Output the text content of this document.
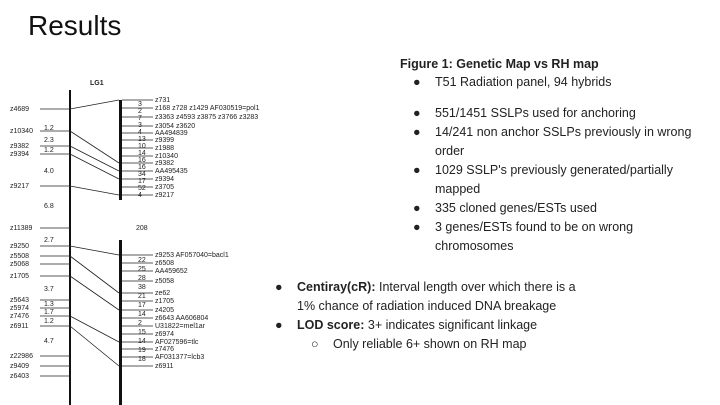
Results
LG1
208
z4689
z10340
z9382
z9394
z9217
z11389
z9250
z5508
z5068
z1705
z5643
z5974
z7476
z6911
z22986
z9409
z6403
1.2
2.3
1.2
4.0
6.8
2.7
3.7
1.3
1.7
1.2
4.7
z731
z168 z728 z1429 AF030519=pol1
z3363 z4593 z3875 z3766 z3283
z3054 z3620
AA494839
z9399
z1988
z10340
z9382
AA495435
z9394
z3705
z9217
z9253 AF057040=bacl1
z6508
AA459652
z5058
ze62
z1705
z4205
z6643 AA606804
U31822=mel1ar
z6974
AF027596=tlc
z7476
AF031377=lcb3
z6911
3
2
7
3
4
13
10
14
16
16
34
17
52
4
22
25
28
38
21
17
14
2
15
14
19
18
Figure 1: Genetic Map vs RH map
● T51 Radiation panel, 94 hybrids
● 551/1451 SSLPs used for anchoring
● 14/241 non anchor SSLPs previously in wrong order
● 1029 SSLP's previously generated/partially mapped
● 335 cloned genes/ESTs used
● 3 genes/ESTs found to be on wrong chromosomes
● Centiray(cR): Interval length over which there is a 1% chance of radiation induced DNA breakage
● LOD score: 3+ indicates significant linkage
○ Only reliable 6+ shown on RH map
